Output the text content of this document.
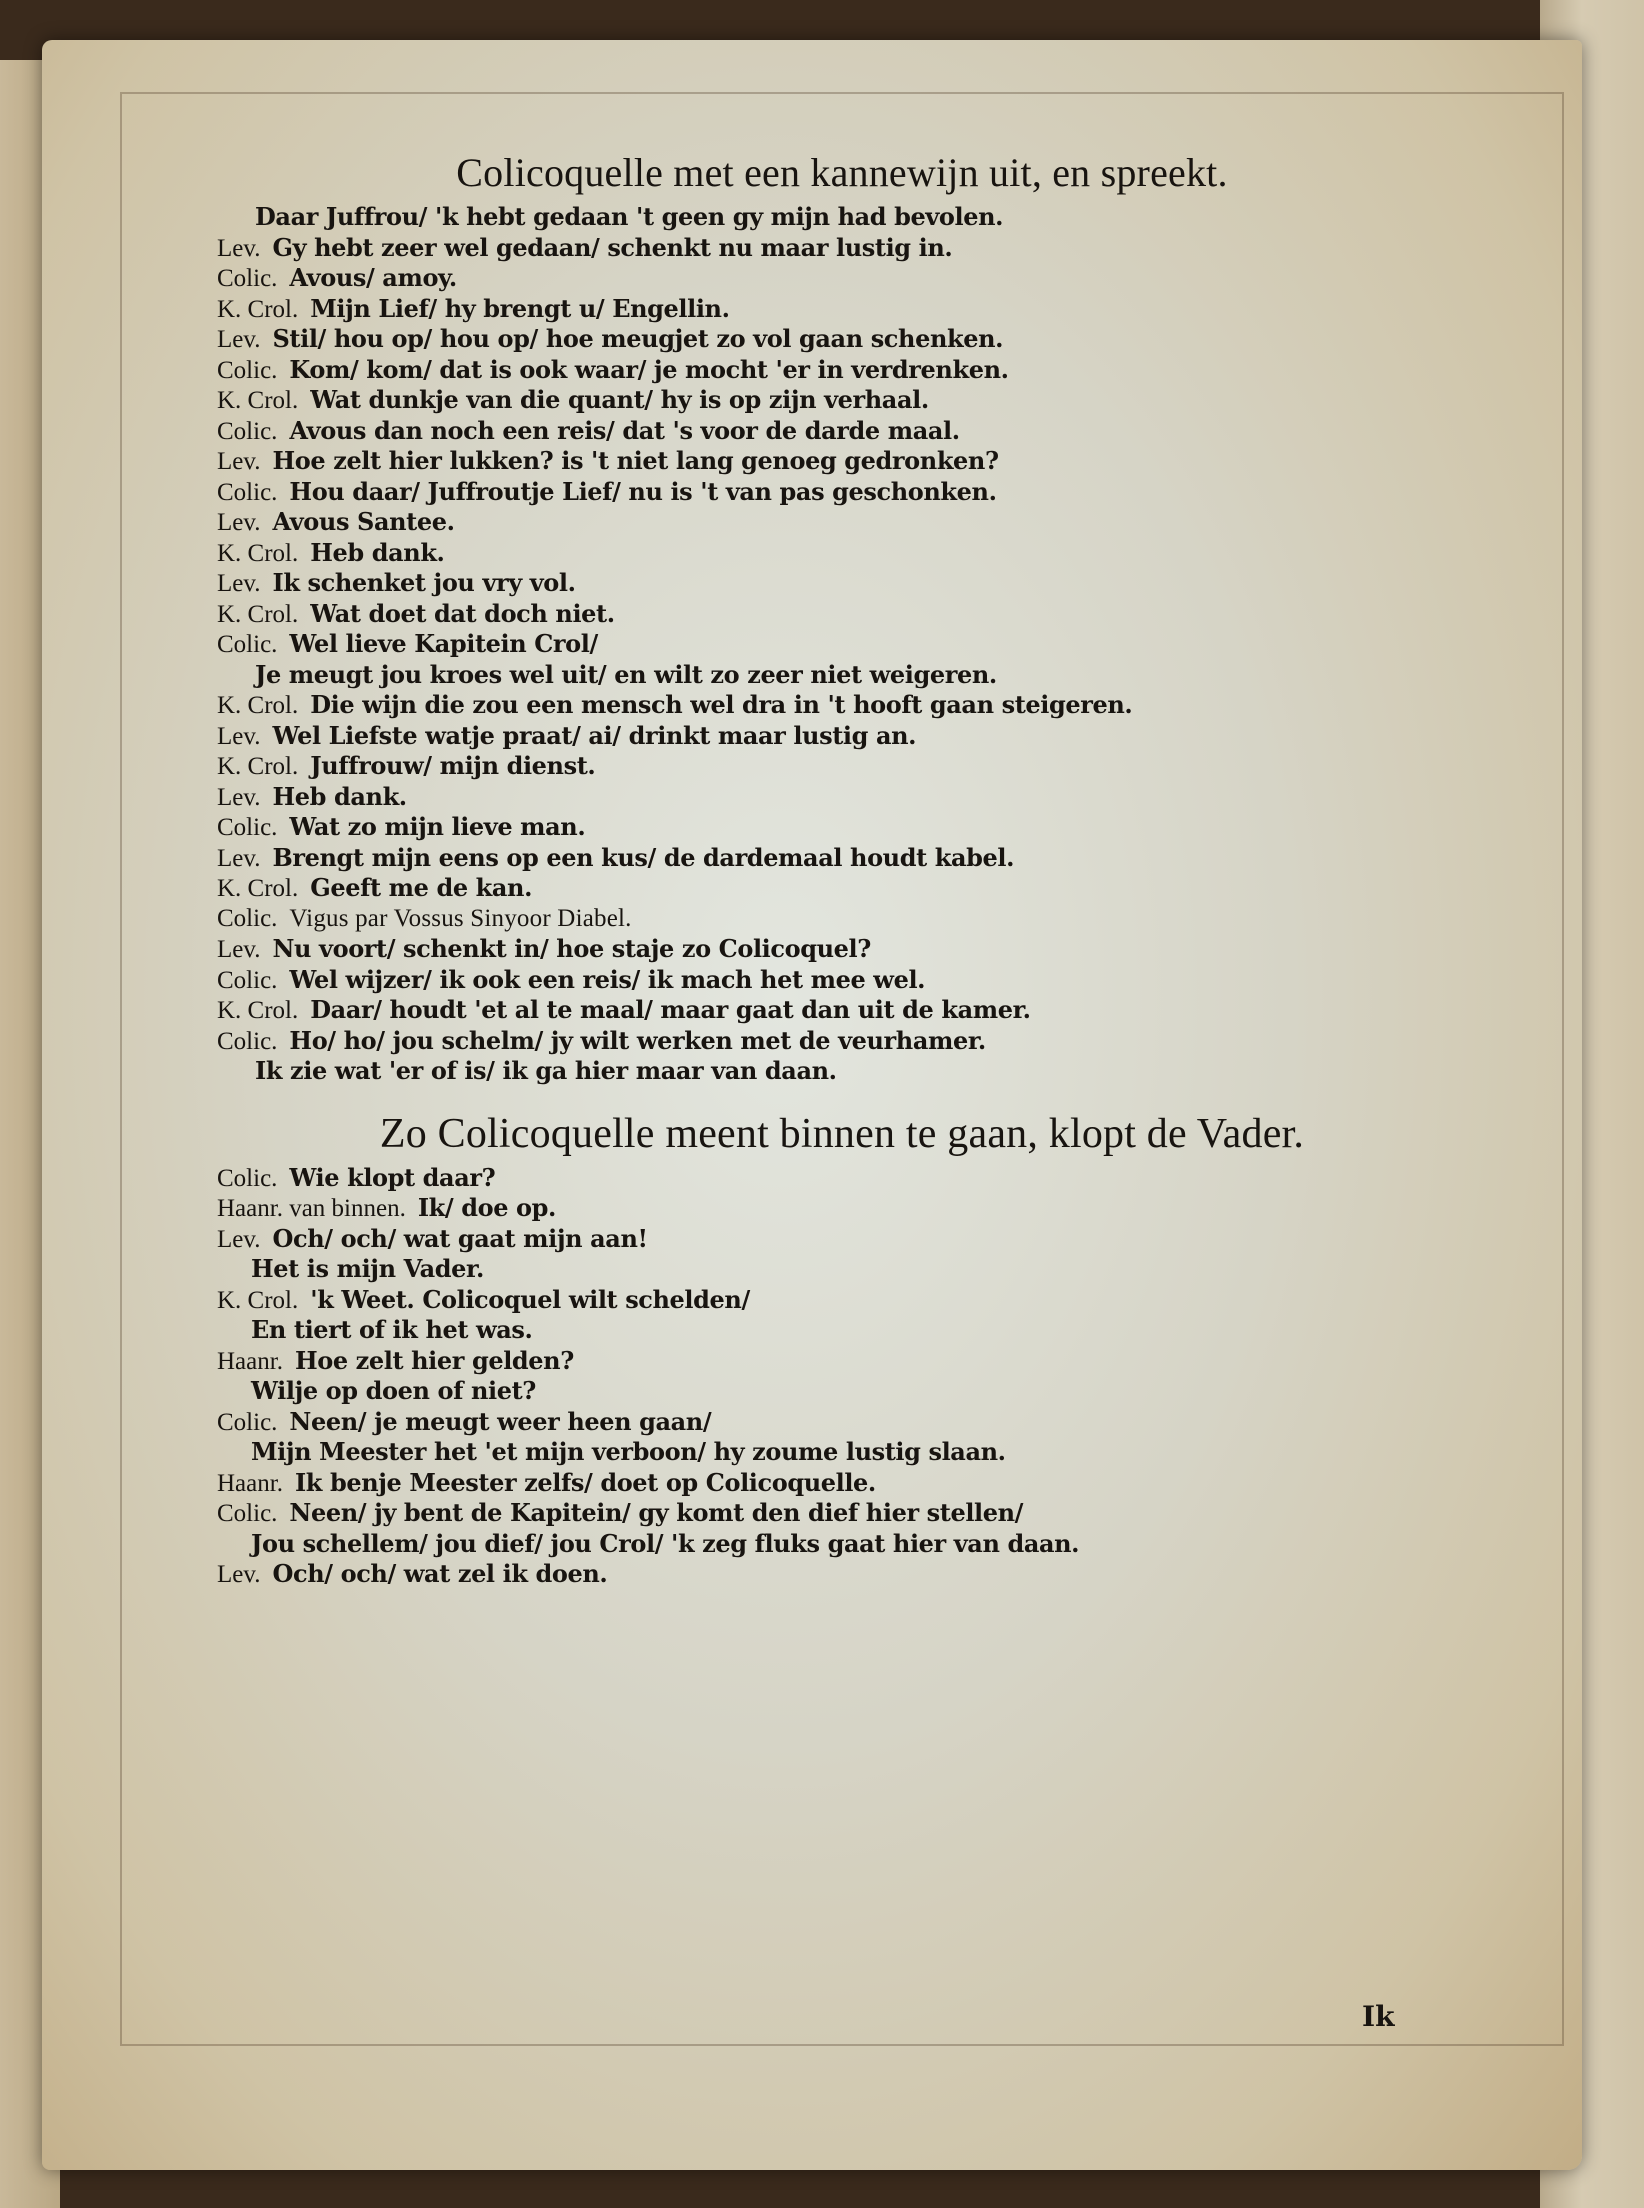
Colicoquelle met een kannewijn uit, en spreekt.
Daar Juffrou/ 'k hebt gedaan 't geen gy mijn had bevolen.
Lev. Gy hebt zeer wel gedaan/ schenkt nu maar lustig in.
Colic. Avous/ amoy.
K. Crol. Mijn Lief/ hy brengt u/ Engellin.
Lev. Stil/ hou op/ hou op/ hoe meugjet zo vol gaan schenken.
Colic. Kom/ kom/ dat is ook waar/ je mocht 'er in verdrenken.
K. Crol. Wat dunkje van die quant/ hy is op zijn verhaal.
Colic. Avous dan noch een reis/ dat 's voor de darde maal.
Lev. Hoe zelt hier lukken? is 't niet lang genoeg gedronken?
Colic. Hou daar/ Juffroutje Lief/ nu is 't van pas geschonken.
Lev. Avous Santee.
K. Crol. Heb dank.
Lev. Ik schenket jou vry vol.
K. Crol. Wat doet dat doch niet.
Colic. Wel lieve Kapitein Crol/
Je meugt jou kroes wel uit/ en wilt zo zeer niet weigeren.
K. Crol. Die wijn die zou een mensch wel dra in 't hooft gaan steigeren.
Lev. Wel Liefste watje praat/ ai/ drinkt maar lustig an.
K. Crol. Juffrouw/ mijn dienst.
Lev. Heb dank.
Colic. Wat zo mijn lieve man.
Lev. Brengt mijn eens op een kus/ de dardemaal houdt kabel.
K. Crol. Geeft me de kan.
Colic. Vigus par Vossus Sinyoor Diabel.
Lev. Nu voort/ schenkt in/ hoe staje zo Colicoquel?
Colic. Wel wijzer/ ik ook een reis/ ik mach het mee wel.
K. Crol. Daar/ houdt 'et al te maal/ maar gaat dan uit de kamer.
Colic. Ho/ ho/ jou schelm/ jy wilt werken met de veurhamer.
Ik zie wat 'er of is/ ik ga hier maar van daan.
Zo Colicoquelle meent binnen te gaan, klopt de Vader.
Colic. Wie klopt daar?
Haanr. van binnen. Ik/ doe op.
Lev. Och/ och/ wat gaat mijn aan!
Het is mijn Vader.
K. Crol. 'k Weet. Colicoquel wilt schelden/
En tiert of ik het was.
Haanr. Hoe zelt hier gelden?
Wilje op doen of niet?
Colic. Neen/ je meugt weer heen gaan/
Mijn Meester het 'et mijn verboon/ hy zoume lustig slaan.
Haanr. Ik benje Meester zelfs/ doet op Colicoquelle.
Colic. Neen/ jy bent de Kapitein/ gy komt den dief hier stellen/
Jou schellem/ jou dief/ jou Crol/ 'k zeg fluks gaat hier van daan.
Lev. Och/ och/ wat zel ik doen.
Ik
